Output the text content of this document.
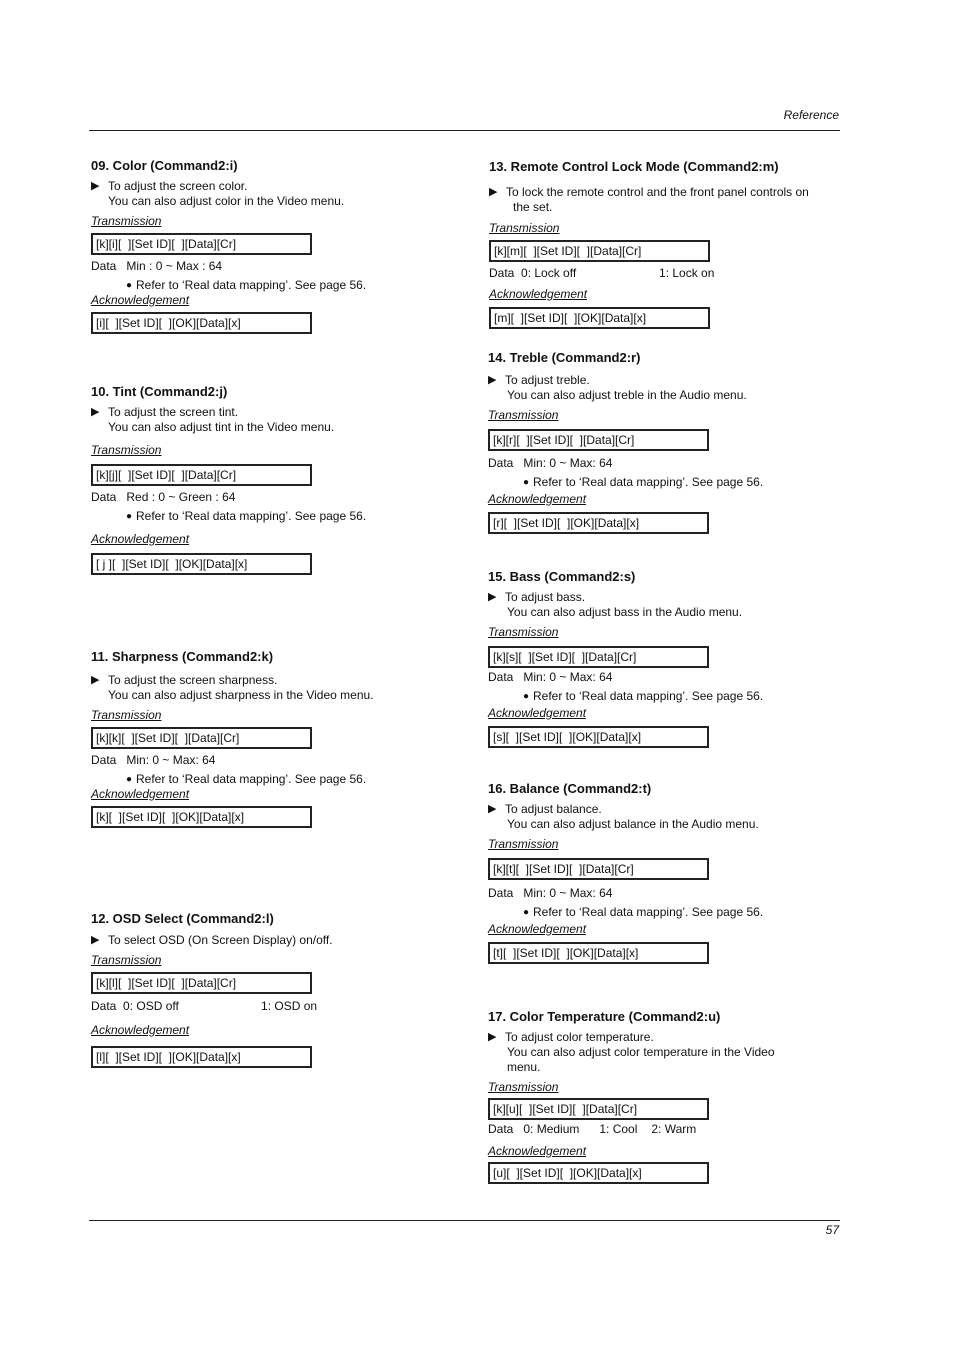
Reference
09. Color (Command2:i)
▶ To adjust the screen color.
You can also adjust color in the Video menu.
Transmission
[k][i][  ][Set ID][  ][Data][Cr]
Data Min : 0 ~ Max : 64
● Refer to ‘Real data mapping’. See page 56.
Acknowledgement
[i][  ][Set ID][  ][OK][Data][x]
10. Tint (Command2:j)
▶ To adjust the screen tint.
You can also adjust tint in the Video menu.
Transmission
[k][j][  ][Set ID][  ][Data][Cr]
Data Red : 0 ~ Green : 64
● Refer to ‘Real data mapping’. See page 56.
Acknowledgement
[ j ][  ][Set ID][  ][OK][Data][x]
11. Sharpness (Command2:k)
▶ To adjust the screen sharpness.
You can also adjust sharpness in the Video menu.
Transmission
[k][k][  ][Set ID][  ][Data][Cr]
Data Min: 0 ~ Max: 64
● Refer to ‘Real data mapping’. See page 56.
Acknowledgement
[k][  ][Set ID][  ][OK][Data][x]
12. OSD Select (Command2:l)
▶ To select OSD (On Screen Display) on/off.
Transmission
[k][l][  ][Set ID][  ][Data][Cr]
Data 0: OSD off	1: OSD on
Acknowledgement
[l][  ][Set ID][  ][OK][Data][x]
13. Remote Control Lock Mode (Command2:m)
▶ To lock the remote control and the front panel controls on
the set.
Transmission
[k][m][  ][Set ID][  ][Data][Cr]
Data 0: Lock off	1: Lock on
Acknowledgement
[m][  ][Set ID][  ][OK][Data][x]
14. Treble (Command2:r)
▶ To adjust treble.
You can also adjust treble in the Audio menu.
Transmission
[k][r][  ][Set ID][  ][Data][Cr]
Data Min: 0 ~ Max: 64
● Refer to ‘Real data mapping’. See page 56.
Acknowledgement
[r][  ][Set ID][  ][OK][Data][x]
15. Bass (Command2:s)
▶ To adjust bass.
You can also adjust bass in the Audio menu.
Transmission
[k][s][  ][Set ID][  ][Data][Cr]
Data Min: 0 ~ Max: 64
● Refer to ‘Real data mapping’. See page 56.
Acknowledgement
[s][  ][Set ID][  ][OK][Data][x]
16. Balance (Command2:t)
▶ To adjust balance.
You can also adjust balance in the Audio menu.
Transmission
[k][t][  ][Set ID][  ][Data][Cr]
Data Min: 0 ~ Max: 64
● Refer to ‘Real data mapping’. See page 56.
Acknowledgement
[t][  ][Set ID][  ][OK][Data][x]
17. Color Temperature (Command2:u)
▶ To adjust color temperature.
You can also adjust color temperature in the Video
menu.
Transmission
[k][u][  ][Set ID][  ][Data][Cr]
Data 0: Medium 1: Cool 2: Warm
Acknowledgement
[u][  ][Set ID][  ][OK][Data][x]
57
